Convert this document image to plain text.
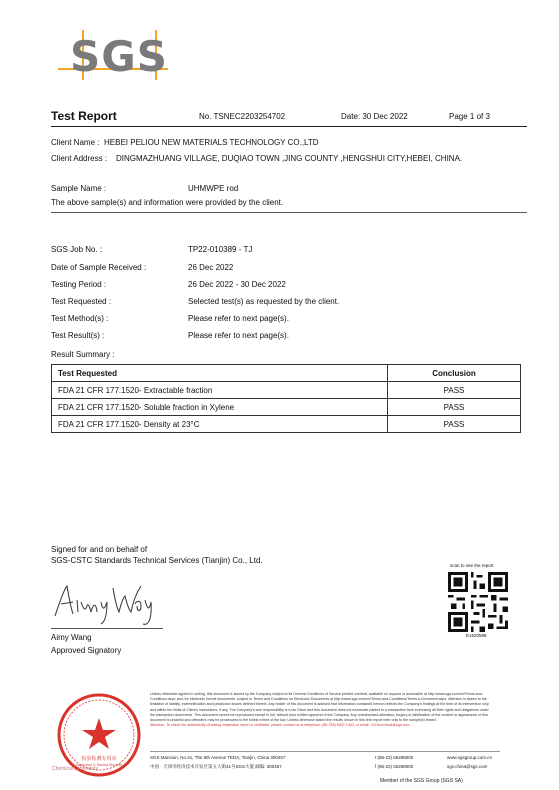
SGS
Test Report	No. TSNEC2203254702	Date: 30 Dec 2022	Page 1 of 3
Client Name : HEBEI PELIOU NEW MATERIALS TECHNOLOGY CO.,LTD
Client Address : DINGMAZHUANG VILLAGE, DUQIAO TOWN ,JING COUNTY ,HENGSHUI CITY,HEBEI, CHINA.
Sample Name :	UHMWPE rod
The above sample(s) and information were provided by the client.
SGS Job No. :	TP22-010389 - TJ
Date of Sample Received :	26 Dec 2022
Testing Period :	26 Dec 2022 - 30 Dec 2022
Test Requested :	Selected test(s) as requested by the client.
Test Method(s) :	Please refer to next page(s).
Test Result(s) :	Please refer to next page(s).
Result Summary :
Test Requested	Conclusion
FDA 21 CFR 177.1520- Extractable fraction	PASS
FDA 21 CFR 177.1520- Soluble fraction in Xylene	PASS
FDA 21 CFR 177.1520- Density at 23°C	PASS
Signed for and on behalf of
SGS-CSTC Standards Technical Services (Tianjin) Co., Ltd.
Aimy Wang
Approved Signatory
scan to see the report
E1520588
检验检测专用章
Inspection & Testing Services
Chemical Laboratory

Unless otherwise agreed in writing, this document is issued by the Company subject to its General Conditions of Service printed overleaf, available on request or accessible at http://www.sgs.com/en/Terms-and-Conditions.aspx and, for electronic format documents, subject to Terms and Conditions for Electronic Documents at http://www.sgs.com/en/Terms-and-Conditions/Terms-e-Document.aspx. Attention is drawn to the limitation of liability, indemnification and jurisdiction issues defined therein. Any holder of this document is advised that information contained hereon reflects the Company's findings at the time of its intervention only and within the limits of Client's instructions, if any. The Company's sole responsibility is to its Client and this document does not exonerate parties to a transaction from exercising all their rights and obligations under the transaction documents. This document cannot be reproduced except in full, without prior written approval of the Company. Any unauthorized alteration, forgery or falsification of the content or appearance of this document is unlawful and offenders may be prosecuted to the fullest extent of the law. Unless otherwise stated the results shown in this test report refer only to the sample(s) tested.

Attention: To check the authenticity of testing /inspection report & certificate, please contact us at telephone: (86-755) 8307 1443, or email: CN.Doccheck@sgs.com

SGS Mansion, No.41, The 5th Avenue TEDA, Tianjin, China 300457
中国 · 天津市经济技术开发区第五大街41号SGS大厦 邮编: 300457
t (86-22) 65288000
f (86-22) 65288000
www.sgsgroup.com.cn
sgs.china@sgs.com
Member of the SGS Group (SGS SA)
